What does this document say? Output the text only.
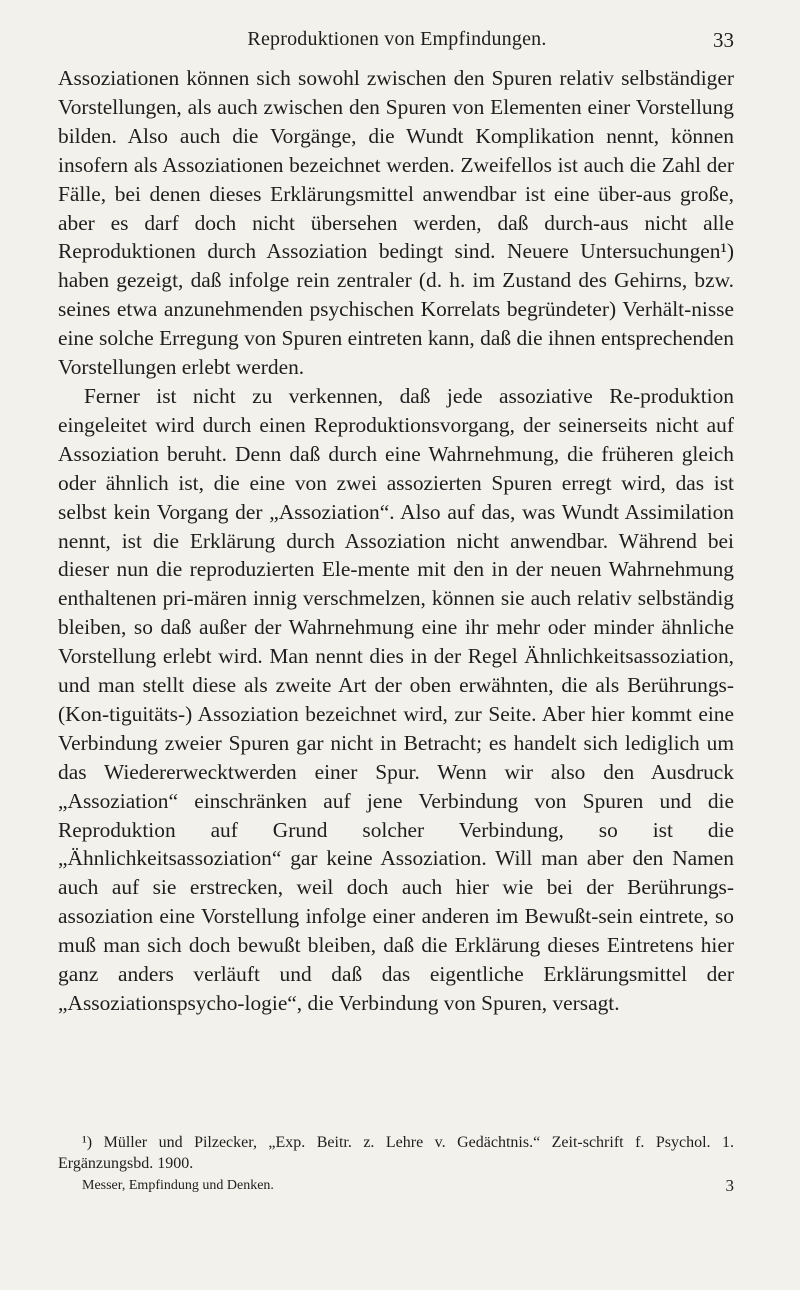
Reproduktionen von Empfindungen.	33

Assoziationen können sich sowohl zwischen den Spuren relativ selbständiger Vorstellungen, als auch zwischen den Spuren von Elementen einer Vorstellung bilden. Also auch die Vorgänge, die Wundt Komplikation nennt, können insofern als Assoziationen bezeichnet werden. Zweifellos ist auch die Zahl der Fälle, bei denen dieses Erklärungsmittel anwendbar ist eine über-aus große, aber es darf doch nicht übersehen werden, daß durch-aus nicht alle Reproduktionen durch Assoziation bedingt sind. Neuere Untersuchungen¹) haben gezeigt, daß infolge rein zentraler (d. h. im Zustand des Gehirns, bzw. seines etwa anzunehmenden psychischen Korrelats begründeter) Verhält-nisse eine solche Erregung von Spuren eintreten kann, daß die ihnen entsprechenden Vorstellungen erlebt werden.

Ferner ist nicht zu verkennen, daß jede assoziative Re-produktion eingeleitet wird durch einen Reproduktionsvorgang, der seinerseits nicht auf Assoziation beruht. Denn daß durch eine Wahrnehmung, die früheren gleich oder ähnlich ist, die eine von zwei assozierten Spuren erregt wird, das ist selbst kein Vorgang der „Assoziation“. Also auf das, was Wundt Assimilation nennt, ist die Erklärung durch Assoziation nicht anwendbar. Während bei dieser nun die reproduzierten Ele-mente mit den in der neuen Wahrnehmung enthaltenen pri-mären innig verschmelzen, können sie auch relativ selbständig bleiben, so daß außer der Wahrnehmung eine ihr mehr oder minder ähnliche Vorstellung erlebt wird. Man nennt dies in der Regel Ähnlichkeitsassoziation, und man stellt diese als zweite Art der oben erwähnten, die als Berührungs- (Kon-tiguitäts-) Assoziation bezeichnet wird, zur Seite. Aber hier kommt eine Verbindung zweier Spuren gar nicht in Betracht; es handelt sich lediglich um das Wiedererwecktwerden einer Spur. Wenn wir also den Ausdruck „Assoziation“ einschränken auf jene Verbindung von Spuren und die Reproduktion auf Grund solcher Verbindung, so ist die „Ähnlichkeitsassoziation“ gar keine Assoziation. Will man aber den Namen auch auf sie erstrecken, weil doch auch hier wie bei der Berührungs-assoziation eine Vorstellung infolge einer anderen im Bewußt-sein eintrete, so muß man sich doch bewußt bleiben, daß die Erklärung dieses Eintretens hier ganz anders verläuft und daß das eigentliche Erklärungsmittel der „Assoziationspsycho-logie“, die Verbindung von Spuren, versagt.

¹) Müller und Pilzecker, „Exp. Beitr. z. Lehre v. Gedächtnis.“ Zeit-schrift f. Psychol. 1. Ergänzungsbd. 1900.

Messer, Empfindung und Denken.	3
